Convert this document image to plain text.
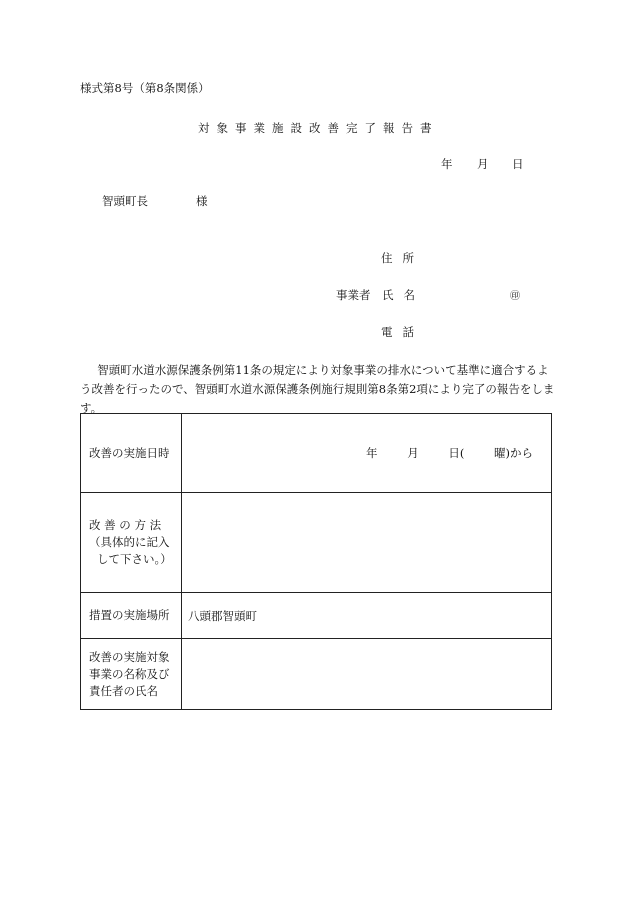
様式第8号（第8条関係）
対象事業施設改善完了報告書
年 月 日
智頭町長	様
住所
事業者 氏名	㊞
電話
智頭町水道水源保護条例第11条の規定により対象事業の排水について基準に適合するよう改善を行ったので、智頭町水道水源保護条例施行規則第8条第2項により完了の報告をします。
改善の実施日時	年 月 日( 曜)から

改 善 の 方 法
（具体的に記入
して下さい。）	

措置の実施場所	八頭郡智頭町

改善の実施対象
事業の名称及び
責任者の氏名	
